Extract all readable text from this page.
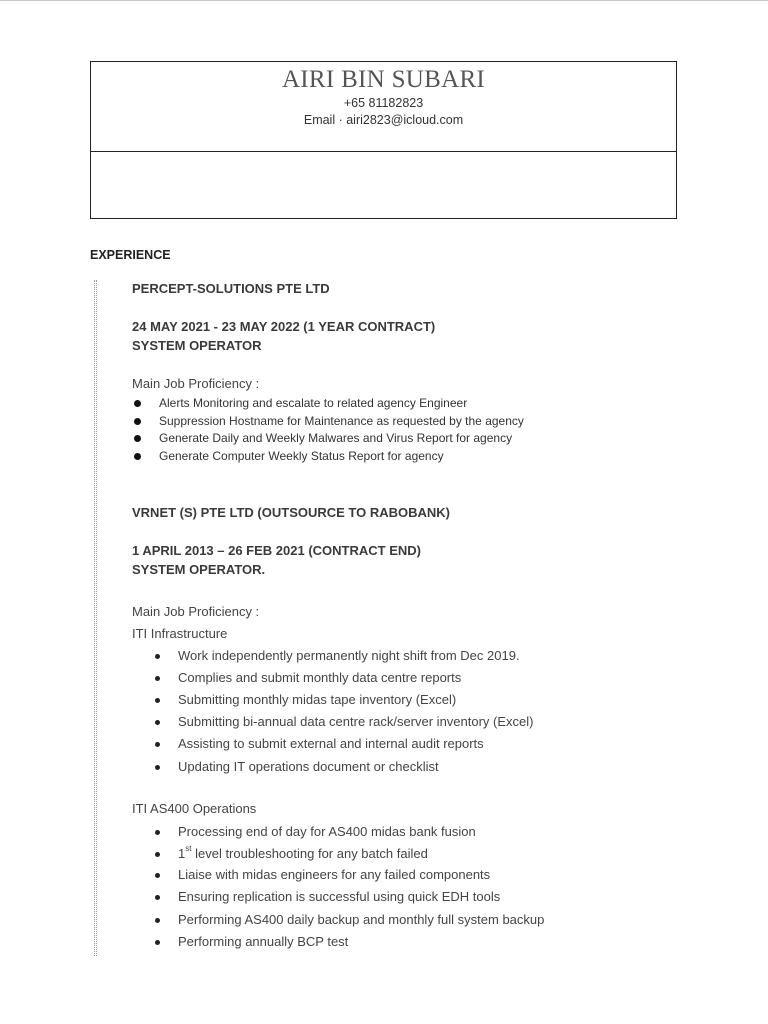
AIRI BIN SUBARI
+65 81182823
Email · airi2823@icloud.com
EXPERIENCE
PERCEPT-SOLUTIONS PTE LTD
24 MAY 2021 - 23 MAY 2022 (1 YEAR CONTRACT)
SYSTEM OPERATOR
Main Job Proficiency :
Alerts Monitoring and escalate to related agency Engineer
Suppression Hostname for Maintenance as requested by the agency
Generate Daily and Weekly Malwares and Virus Report for agency
Generate Computer Weekly Status Report for agency
VRNET (S) PTE LTD (OUTSOURCE TO RABOBANK)
1 APRIL 2013 – 26 FEB 2021 (CONTRACT END)
SYSTEM OPERATOR.
Main Job Proficiency :
ITI Infrastructure
Work independently permanently night shift from Dec 2019.
Complies and submit monthly data centre reports
Submitting monthly midas tape inventory (Excel)
Submitting bi-annual data centre rack/server inventory (Excel)
Assisting to submit external and internal audit reports
Updating IT operations document or checklist
ITI AS400 Operations
Processing end of day for AS400 midas bank fusion
1st level troubleshooting for any batch failed
Liaise with midas engineers for any failed components
Ensuring replication is successful using quick EDH tools
Performing AS400 daily backup and monthly full system backup
Performing annually BCP test
